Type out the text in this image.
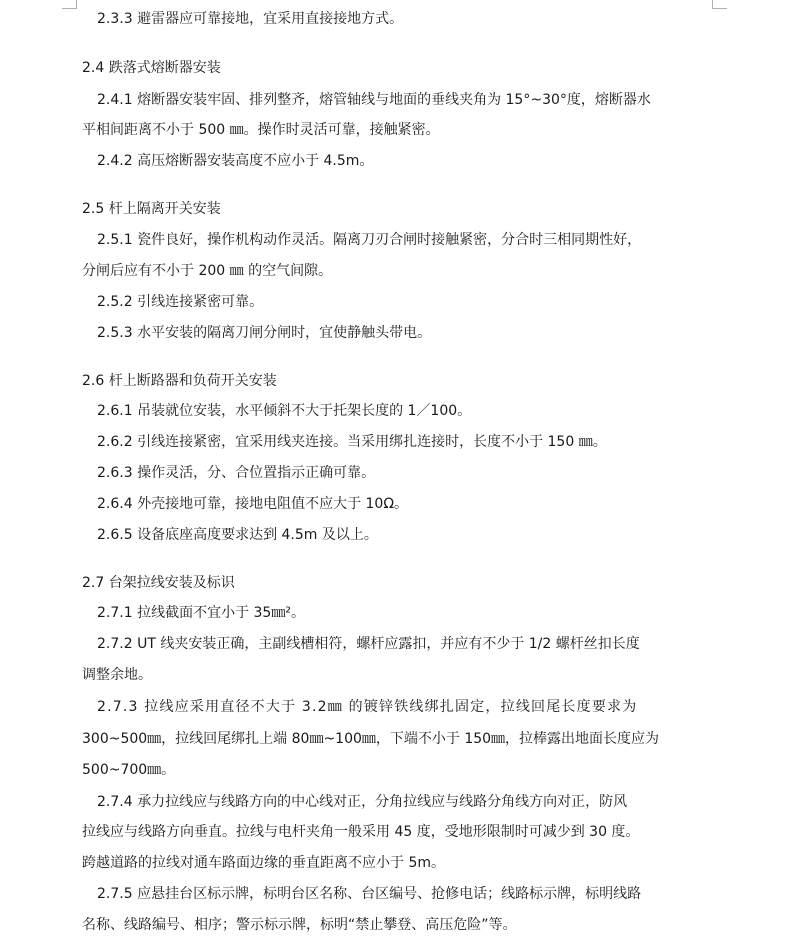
2.3.3 避雷器应可靠接地，宜采用直接接地方式。
2.4 跌落式熔断器安装
2.4.1 熔断器安装牢固、排列整齐，熔管轴线与地面的垂线夹角为 15°~30°度，熔断器水
平相间距离不小于 500 ㎜。操作时灵活可靠，接触紧密。
2.4.2 高压熔断器安装高度不应小于 4.5m。
2.5 杆上隔离开关安装
2.5.1 瓷件良好，操作机构动作灵活。隔离刀刃合闸时接触紧密，分合时三相同期性好，
分闸后应有不小于 200 ㎜ 的空气间隙。
2.5.2 引线连接紧密可靠。
2.5.3 水平安装的隔离刀闸分闸时，宜使静触头带电。
2.6 杆上断路器和负荷开关安装
2.6.1 吊装就位安装，水平倾斜不大于托架长度的 1／100。
2.6.2 引线连接紧密，宜采用线夹连接。当采用绑扎连接时，长度不小于 150 ㎜。
2.6.3 操作灵活，分、合位置指示正确可靠。
2.6.4 外壳接地可靠，接地电阻值不应大于 10Ω。
2.6.5 设备底座高度要求达到 4.5m 及以上。
2.7 台架拉线安装及标识
2.7.1 拉线截面不宜小于 35㎜²。
2.7.2 UT 线夹安装正确，主副线槽相符，螺杆应露扣，并应有不少于 1/2 螺杆丝扣长度
调整余地。
2.7.3 拉线应采用直径不大于 3.2㎜ 的镀锌铁线绑扎固定，拉线回尾长度要求为
300~500㎜，拉线回尾绑扎上端 80㎜~100㎜，下端不小于 150㎜，拉棒露出地面长度应为
500~700㎜。
2.7.4 承力拉线应与线路方向的中心线对正，分角拉线应与线路分角线方向对正，防风
拉线应与线路方向垂直。拉线与电杆夹角一般采用 45 度，受地形限制时可减少到 30 度。
跨越道路的拉线对通车路面边缘的垂直距离不应小于 5m。
2.7.5 应悬挂台区标示牌，标明台区名称、台区编号、抢修电话；线路标示牌，标明线路
名称、线路编号、相序；警示标示牌，标明“禁止攀登、高压危险”等。
